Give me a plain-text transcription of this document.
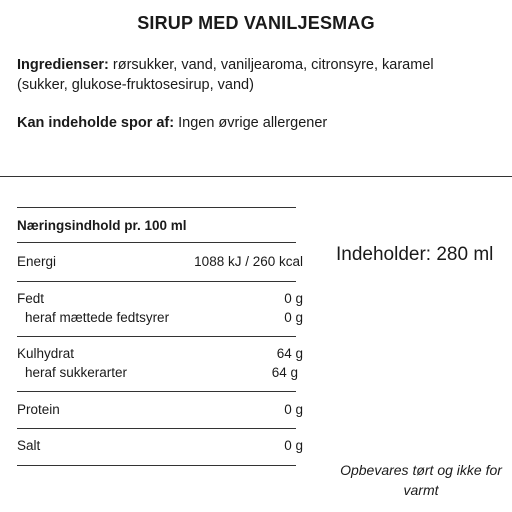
SIRUP MED VANILJESMAG
Ingredienser: rørsukker, vand, vaniljearoma, citronsyre, karamel (sukker, glukose-fruktosesirup, vand)
Kan indeholde spor af: Ingen øvrige allergener
Næringsindhold pr. 100 ml
Energi	1088 kJ / 260 kcal
Fedt	0 g
heraf mættede fedtsyrer	0 g
Kulhydrat	64 g
heraf sukkerarter	64 g
Protein	0 g
Salt	0 g
Indeholder: 280 ml
Opbevares tørt og ikke for varmt
